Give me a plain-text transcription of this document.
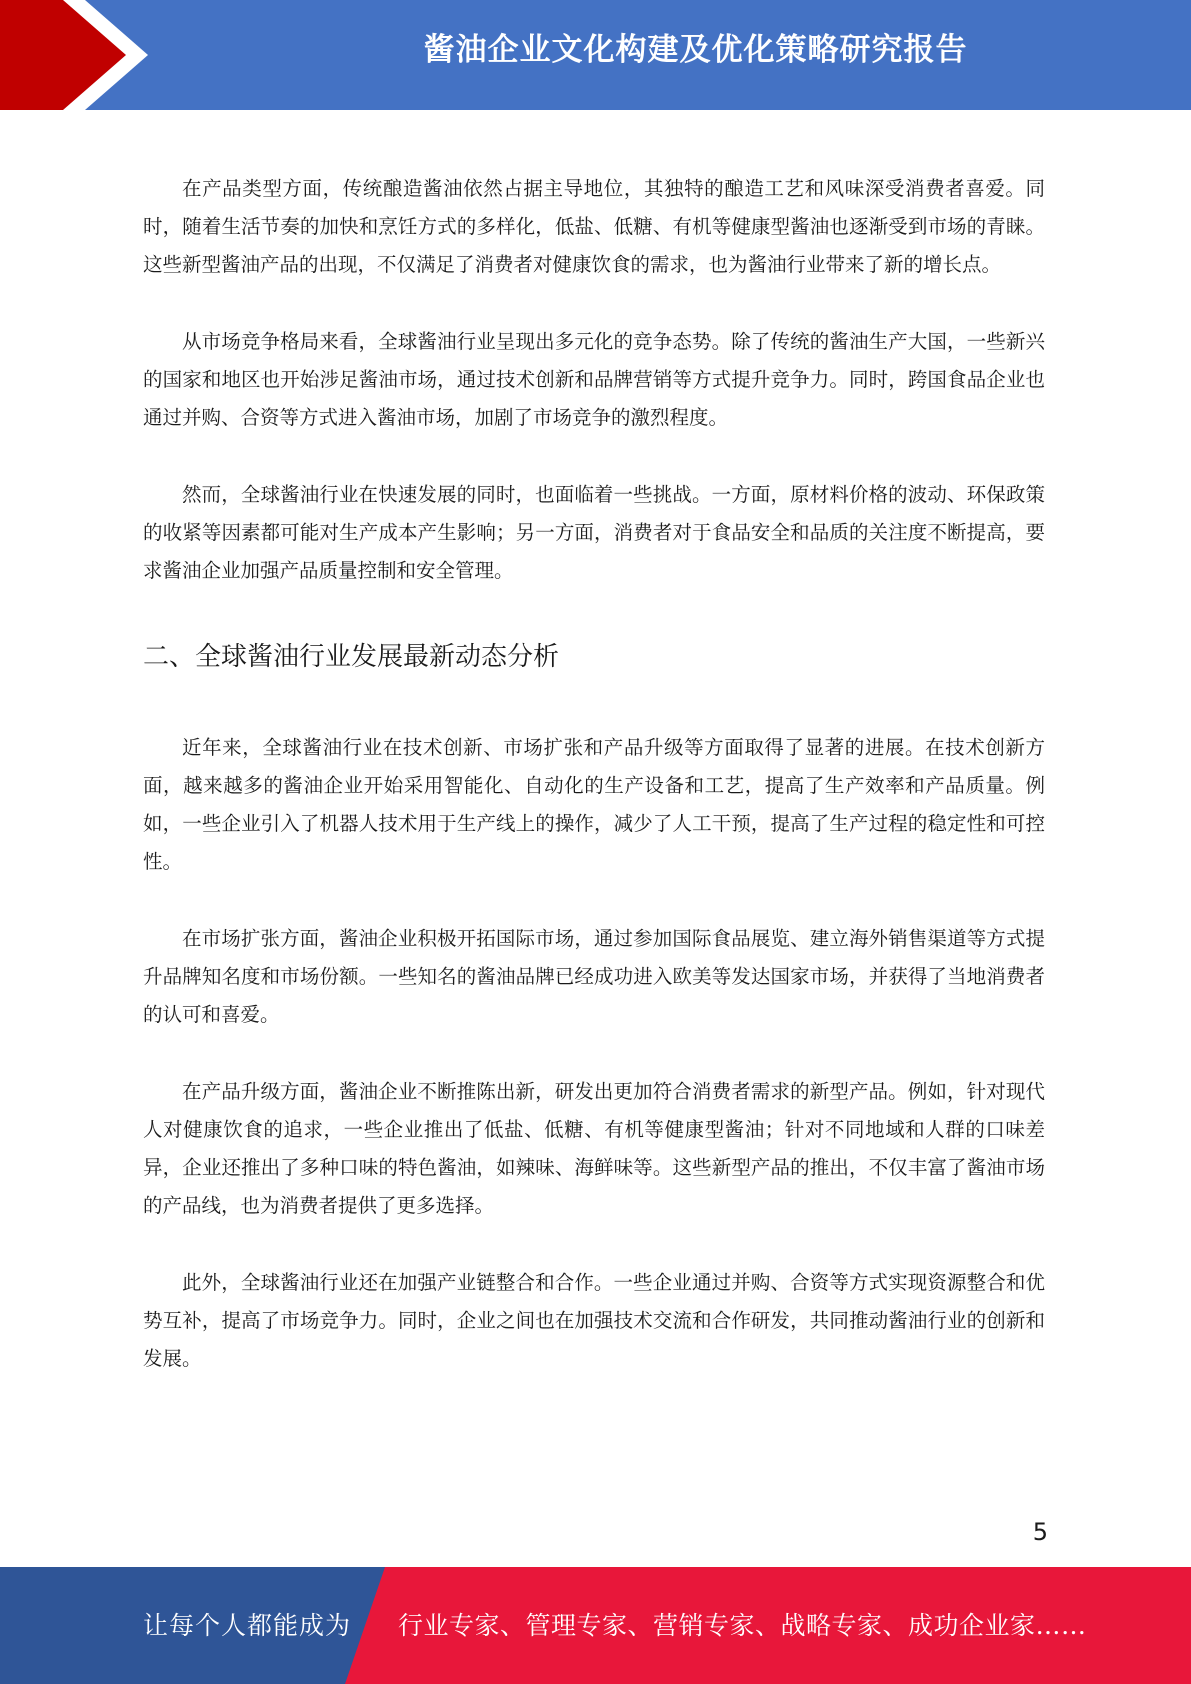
酱油企业文化构建及优化策略研究报告

在产品类型方面，传统酿造酱油依然占据主导地位，其独特的酿造工艺和风味深受消费者喜爱。同时，随着生活节奏的加快和烹饪方式的多样化，低盐、低糖、有机等健康型酱油也逐渐受到市场的青睐。这些新型酱油产品的出现，不仅满足了消费者对健康饮食的需求，也为酱油行业带来了新的增长点。

从市场竞争格局来看，全球酱油行业呈现出多元化的竞争态势。除了传统的酱油生产大国，一些新兴的国家和地区也开始涉足酱油市场，通过技术创新和品牌营销等方式提升竞争力。同时，跨国食品企业也通过并购、合资等方式进入酱油市场，加剧了市场竞争的激烈程度。

然而，全球酱油行业在快速发展的同时，也面临着一些挑战。一方面，原材料价格的波动、环保政策的收紧等因素都可能对生产成本产生影响；另一方面，消费者对于食品安全和品质的关注度不断提高，要求酱油企业加强产品质量控制和安全管理。

二、全球酱油行业发展最新动态分析

近年来，全球酱油行业在技术创新、市场扩张和产品升级等方面取得了显著的进展。在技术创新方面，越来越多的酱油企业开始采用智能化、自动化的生产设备和工艺，提高了生产效率和产品质量。例如，一些企业引入了机器人技术用于生产线上的操作，减少了人工干预，提高了生产过程的稳定性和可控性。

在市场扩张方面，酱油企业积极开拓国际市场，通过参加国际食品展览、建立海外销售渠道等方式提升品牌知名度和市场份额。一些知名的酱油品牌已经成功进入欧美等发达国家市场，并获得了当地消费者的认可和喜爱。

在产品升级方面，酱油企业不断推陈出新，研发出更加符合消费者需求的新型产品。例如，针对现代人对健康饮食的追求，一些企业推出了低盐、低糖、有机等健康型酱油；针对不同地域和人群的口味差异，企业还推出了多种口味的特色酱油，如辣味、海鲜味等。这些新型产品的推出，不仅丰富了酱油市场的产品线，也为消费者提供了更多选择。

此外，全球酱油行业还在加强产业链整合和合作。一些企业通过并购、合资等方式实现资源整合和优势互补，提高了市场竞争力。同时，企业之间也在加强技术交流和合作研发，共同推动酱油行业的创新和发展。

5
让每个人都能成为 行业专家、管理专家、营销专家、战略专家、成功企业家……
